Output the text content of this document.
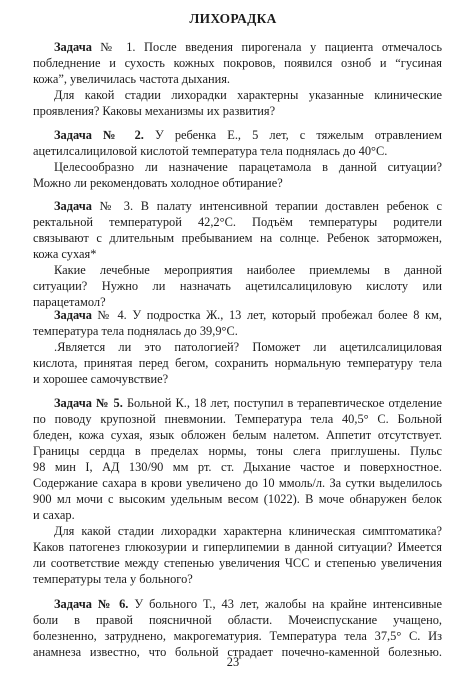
ЛИХОРАДКА
Задача № 1. После введения пирогенала у пациента отмечалось
побледнение и сухость кожных покровов, появился озноб и “гусиная
кожа”, увеличилась частота дыхания.
Для какой стадии лихорадки характерны указанные клинические
проявления? Каковы механизмы их развития?
Задача № 2. У ребенка Е., 5 лет, с тяжелым отравлением
ацетилсалициловой кислотой температура тела поднялась до 40°С.
Целесообразно ли назначение парацетамола в данной ситуации?
Можно ли рекомендовать холодное обтирание?
Задача № 3. В палату интенсивной терапии доставлен ребенок с
ректальной температурой 42,2°С. Подъём температуры родители
связывают с длительным пребыванием на солнце. Ребенок заторможен,
кожа сухая*
Какие лечебные мероприятия наиболее приемлемы в данной
ситуации? Нужно ли назначать ацетилсалициловую кислоту или
парацетамол?
Задача № 4. У подростка Ж., 13 лет, который пробежал более 8 км,
температура тела поднялась до 39,9°С.
.Является ли это патологией? Поможет ли ацетилсалициловая
кислота, принятая перед бегом, сохранить нормальную температуру тела
и хорошее самочувствие?
Задача № 5. Больной К., 18 лет, поступил в терапевтическое отделение
по поводу крупозной пневмонии. Температура тела 40,5° С. Больной
бледен, кожа сухая, язык обложен белым налетом. Аппетит отсутствует.
Границы сердца в пределах нормы, тоны слега приглушены. Пульс
98 мин I, АД 130/90 мм рт. ст. Дыхание частое и поверхностное.
Содержание сахара в крови увеличено до 10 ммоль/л. За сутки выделилось
900 мл мочи с высоким удельным весом (1022). В моче обнаружен белок
и сахар.
Для какой стадии лихорадки характерна клиническая симптоматика?
Каков патогенез глюкозурии и гиперлипемии в данной ситуации? Имеется
ли соответствие между степенью увеличения ЧСС и степенью увеличения
температуры тела у больного?
Задача № 6. У больного Т., 43 лет, жалобы на крайне интенсивные
боли в правой поясничной области. Мочеиспускание учащено,
болезненно, затруднено, макрогематурия. Температура тела 37,5° С. Из
анамнеза известно, что больной страдает почечно-каменной болезнью.
23
